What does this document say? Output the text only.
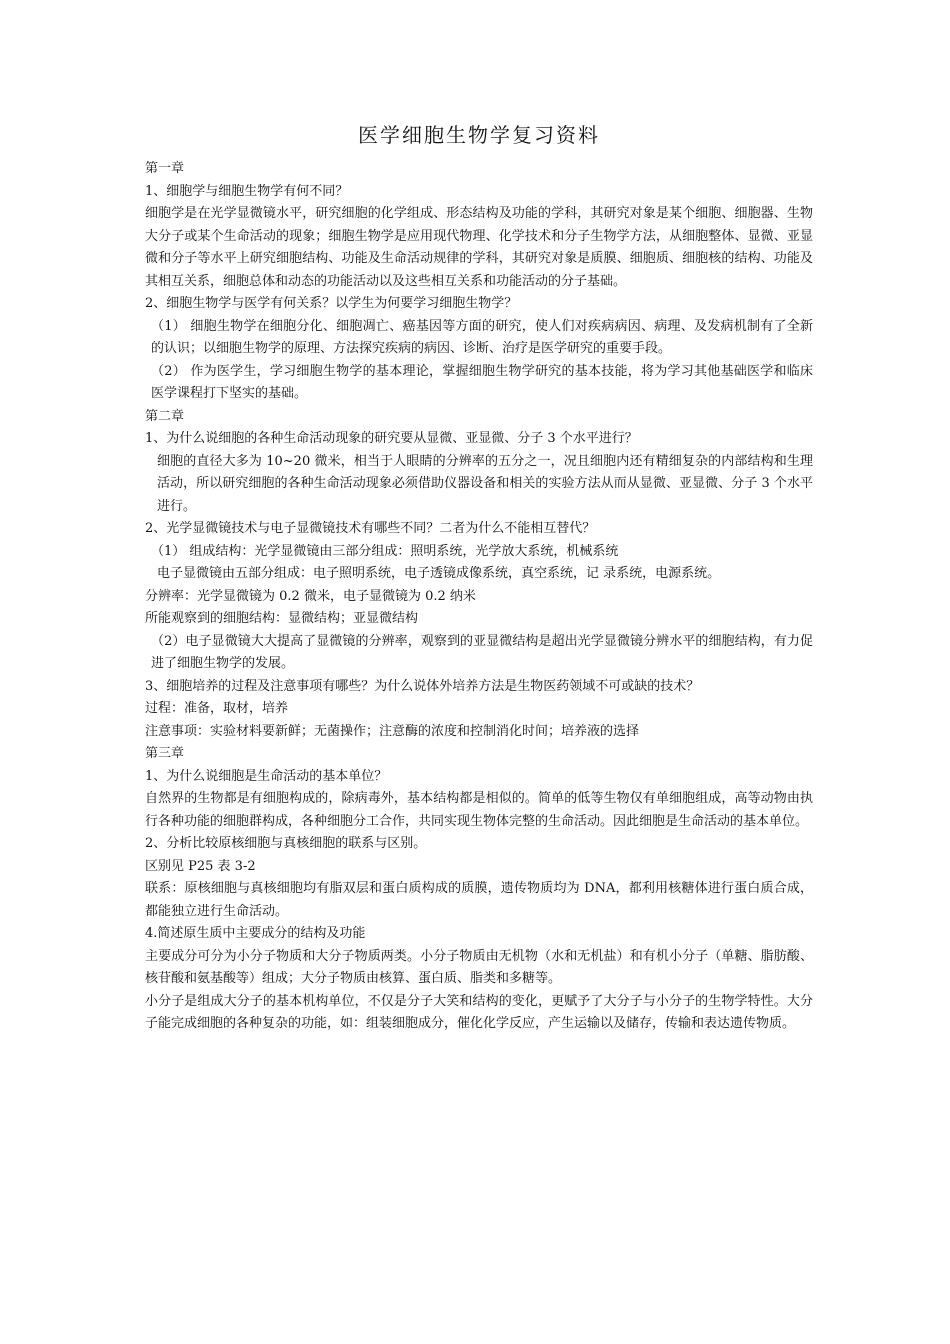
医学细胞生物学复习资料

第一章

1、细胞学与细胞生物学有何不同？

细胞学是在光学显微镜水平，研究细胞的化学组成、形态结构及功能的学科，其研究对象是某个细胞、细胞器、生物大分子或某个生命活动的现象；细胞生物学是应用现代物理、化学技术和分子生物学方法，从细胞整体、显微、亚显微和分子等水平上研究细胞结构、功能及生命活动规律的学科，其研究对象是质膜、细胞质、细胞核的结构、功能及其相互关系，细胞总体和动态的功能活动以及这些相互关系和功能活动的分子基础。

2、细胞生物学与医学有何关系？以学生为何要学习细胞生物学？

（1） 细胞生物学在细胞分化、细胞凋亡、癌基因等方面的研究，使人们对疾病病因、病理、及发病机制有了全新的认识；以细胞生物学的原理、方法探究疾病的病因、诊断、治疗是医学研究的重要手段。

（2） 作为医学生，学习细胞生物学的基本理论，掌握细胞生物学研究的基本技能，将为学习其他基础医学和临床医学课程打下坚实的基础。

第二章

1、为什么说细胞的各种生命活动现象的研究要从显微、亚显微、分子 3 个水平进行？

细胞的直径大多为 10~20 微米，相当于人眼睛的分辨率的五分之一，况且细胞内还有精细复杂的内部结构和生理活动，所以研究细胞的各种生命活动现象必须借助仪器设备和相关的实验方法从而从显微、亚显微、分子 3 个水平进行。

2、光学显微镜技术与电子显微镜技术有哪些不同？二者为什么不能相互替代？

（1） 组成结构：光学显微镜由三部分组成：照明系统，光学放大系统，机械系统

电子显微镜由五部分组成：电子照明系统，电子透镜成像系统，真空系统，记 录系统，电源系统。

分辨率：光学显微镜为 0.2 微米，电子显微镜为 0.2 纳米

所能观察到的细胞结构：显微结构；亚显微结构

（2）电子显微镜大大提高了显微镜的分辨率，观察到的亚显微结构是超出光学显微镜分辨水平的细胞结构，有力促进了细胞生物学的发展。

3、细胞培养的过程及注意事项有哪些？为什么说体外培养方法是生物医药领域不可或缺的技术？

过程：准备，取材，培养

注意事项：实验材料要新鲜；无菌操作；注意酶的浓度和控制消化时间；培养液的选择

第三章

1、为什么说细胞是生命活动的基本单位？

自然界的生物都是有细胞构成的，除病毒外，基本结构都是相似的。简单的低等生物仅有单细胞组成，高等动物由执行各种功能的细胞群构成，各种细胞分工合作，共同实现生物体完整的生命活动。因此细胞是生命活动的基本单位。

2、分析比较原核细胞与真核细胞的联系与区别。

区别见 P25 表 3-2

联系：原核细胞与真核细胞均有脂双层和蛋白质构成的质膜，遗传物质均为 DNA，都利用核糖体进行蛋白质合成，都能独立进行生命活动。

4.简述原生质中主要成分的结构及功能

主要成分可分为小分子物质和大分子物质两类。小分子物质由无机物（水和无机盐）和有机小分子（单糖、脂肪酸、核苷酸和氨基酸等）组成；大分子物质由核算、蛋白质、脂类和多糖等。

小分子是组成大分子的基本机构单位，不仅是分子大笑和结构的变化，更赋予了大分子与小分子的生物学特性。大分子能完成细胞的各种复杂的功能，如：组装细胞成分，催化化学反应，产生运输以及储存，传输和表达遗传物质。
